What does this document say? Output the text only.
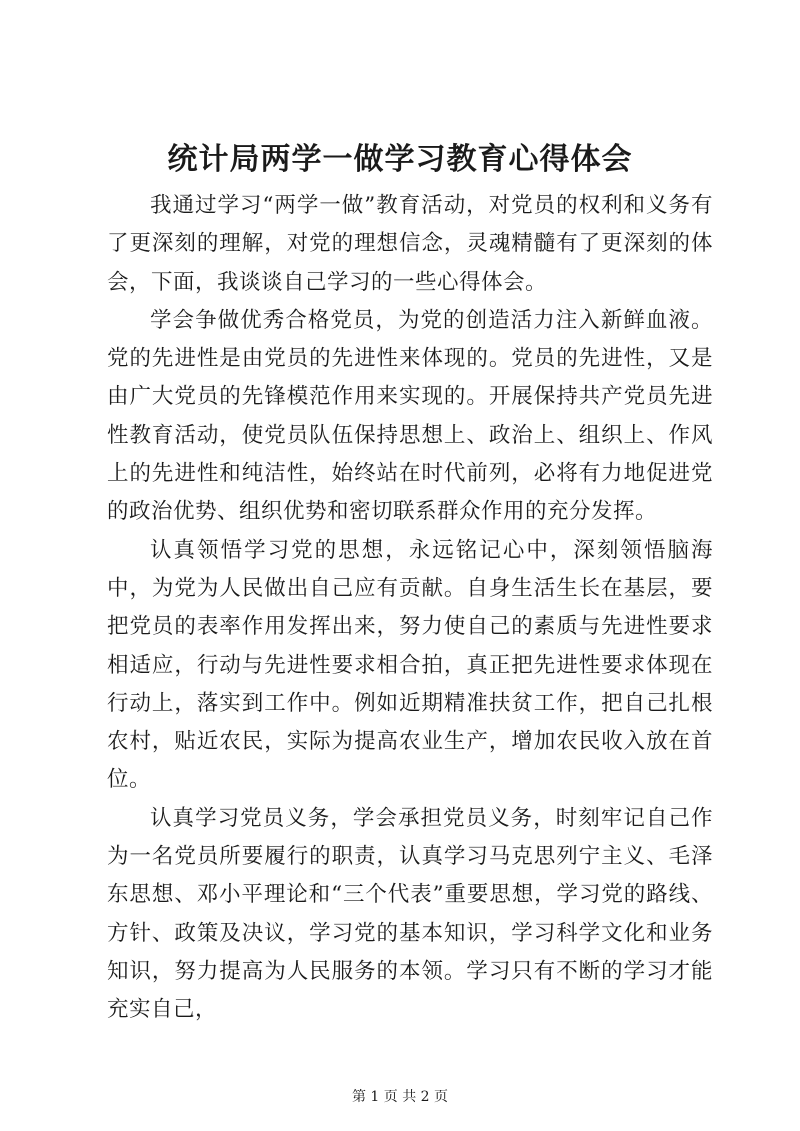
统计局两学一做学习教育心得体会

我通过学习“两学一做”教育活动，对党员的权利和义务有了更深刻的理解，对党的理想信念，灵魂精髓有了更深刻的体会，下面，我谈谈自己学习的一些心得体会。

学会争做优秀合格党员，为党的创造活力注入新鲜血液。党的先进性是由党员的先进性来体现的。党员的先进性，又是由广大党员的先锋模范作用来实现的。开展保持共产党员先进性教育活动，使党员队伍保持思想上、政治上、组织上、作风上的先进性和纯洁性，始终站在时代前列，必将有力地促进党的政治优势、组织优势和密切联系群众作用的充分发挥。

认真领悟学习党的思想，永远铭记心中，深刻领悟脑海中，为党为人民做出自己应有贡献。自身生活生长在基层，要把党员的表率作用发挥出来，努力使自己的素质与先进性要求相适应，行动与先进性要求相合拍，真正把先进性要求体现在行动上，落实到工作中。例如近期精准扶贫工作，把自己扎根农村，贴近农民，实际为提高农业生产，增加农民收入放在首位。

认真学习党员义务，学会承担党员义务，时刻牢记自己作为一名党员所要履行的职责，认真学习马克思列宁主义、毛泽东思想、邓小平理论和“三个代表”重要思想，学习党的路线、方针、政策及决议，学习党的基本知识，学习科学文化和业务知识，努力提高为人民服务的本领。学习只有不断的学习才能充实自己，

第 1 页 共 2 页
